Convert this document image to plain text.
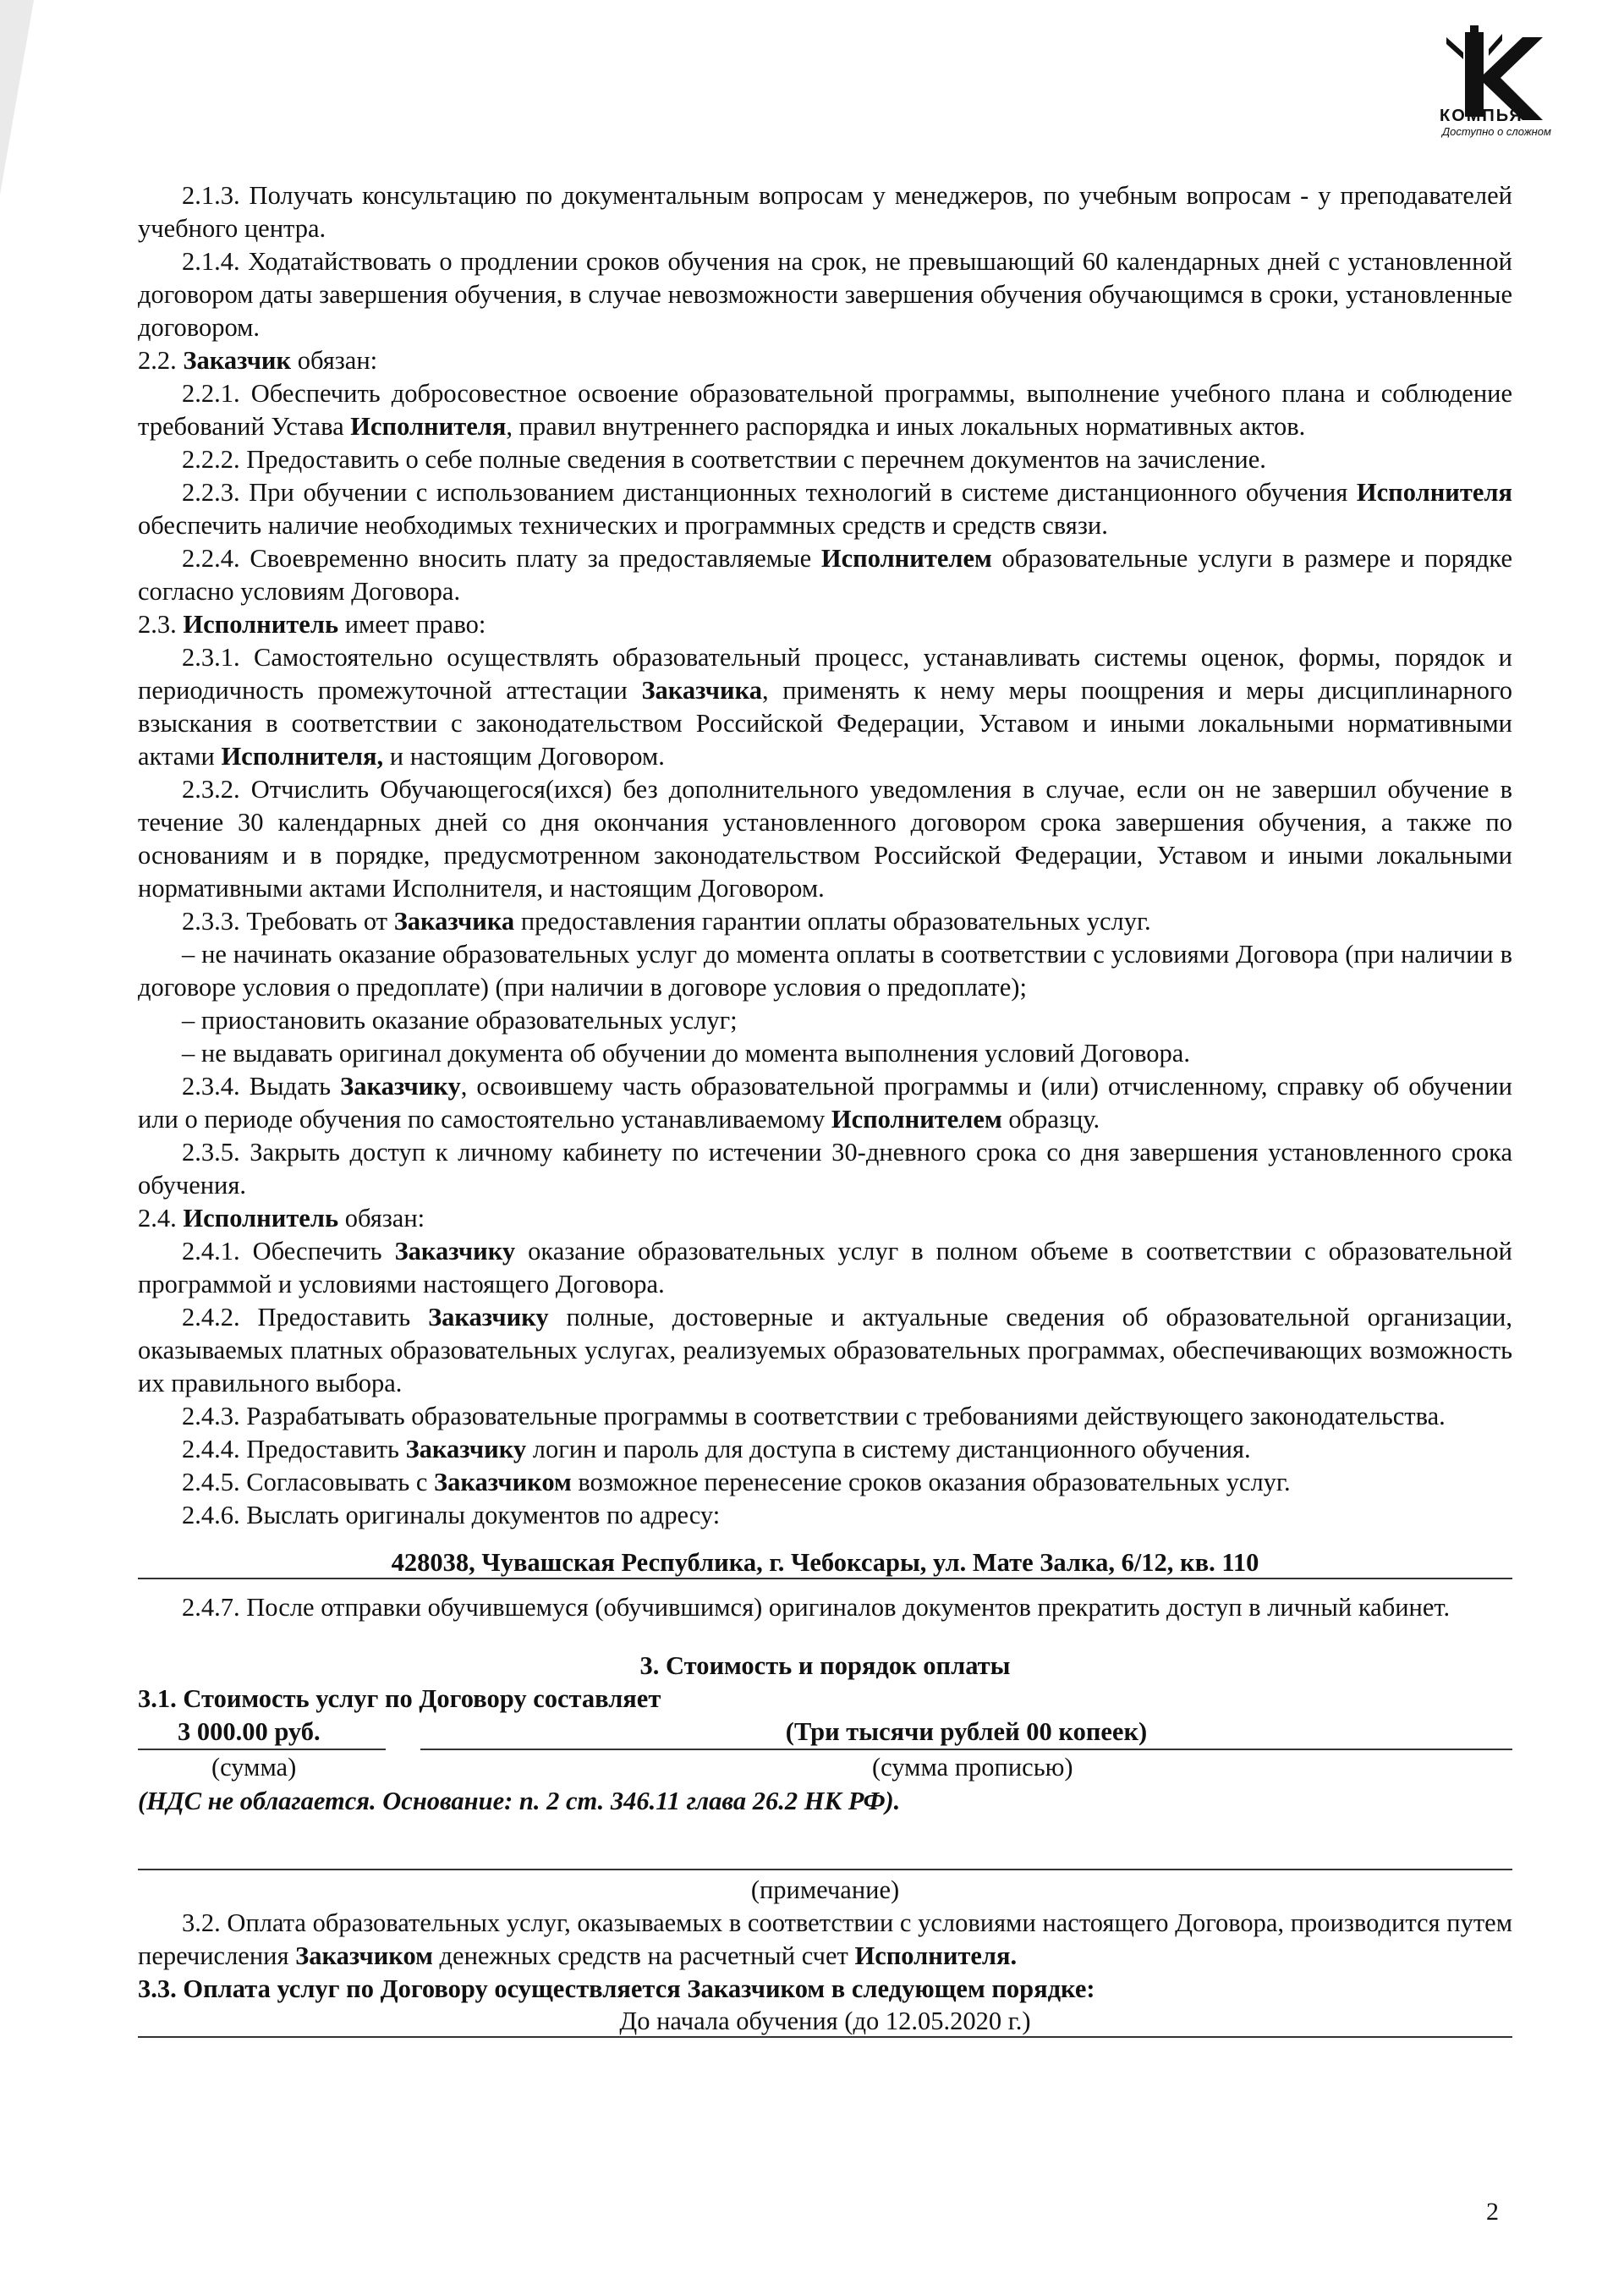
КОМПЬЯ
Доступно о сложном

2.1.3. Получать консультацию по документальным вопросам у менеджеров, по учебным вопросам - у преподавателей учебного центра.

2.1.4. Ходатайствовать о продлении сроков обучения на срок, не превышающий 60 календарных дней с установленной договором даты завершения обучения, в случае невозможности завершения обучения обучающимся в сроки, установленные договором.

2.2. Заказчик обязан:

2.2.1. Обеспечить добросовестное освоение образовательной программы, выполнение учебного плана и соблюдение требований Устава Исполнителя, правил внутреннего распорядка и иных локальных нормативных актов.

2.2.2. Предоставить о себе полные сведения в соответствии с перечнем документов на зачисление.

2.2.3. При обучении с использованием дистанционных технологий в системе дистанционного обучения Исполнителя обеспечить наличие необходимых технических и программных средств и средств связи.

2.2.4. Своевременно вносить плату за предоставляемые Исполнителем образовательные услуги в размере и порядке согласно условиям Договора.

2.3. Исполнитель имеет право:

2.3.1. Самостоятельно осуществлять образовательный процесс, устанавливать системы оценок, формы, порядок и периодичность промежуточной аттестации Заказчика, применять к нему меры поощрения и меры дисциплинарного взыскания в соответствии с законодательством Российской Федерации, Уставом и иными локальными нормативными актами Исполнителя, и настоящим Договором.

2.3.2. Отчислить Обучающегося(ихся) без дополнительного уведомления в случае, если он не завершил обучение в течение 30 календарных дней со дня окончания установленного договором срока завершения обучения, а также по основаниям и в порядке, предусмотренном законодательством Российской Федерации, Уставом и иными локальными нормативными актами Исполнителя, и настоящим Договором.

2.3.3. Требовать от Заказчика предоставления гарантии оплаты образовательных услуг.

– не начинать оказание образовательных услуг до момента оплаты в соответствии с условиями Договора (при наличии в договоре условия о предоплате) (при наличии в договоре условия о предоплате);

– приостановить оказание образовательных услуг;

– не выдавать оригинал документа об обучении до момента выполнения условий Договора.

2.3.4. Выдать Заказчику, освоившему часть образовательной программы и (или) отчисленному, справку об обучении или о периоде обучения по самостоятельно устанавливаемому Исполнителем образцу.

2.3.5. Закрыть доступ к личному кабинету по истечении 30-дневного срока со дня завершения установленного срока обучения.

2.4. Исполнитель обязан:

2.4.1. Обеспечить Заказчику оказание образовательных услуг в полном объеме в соответствии с образовательной программой и условиями настоящего Договора.

2.4.2. Предоставить Заказчику полные, достоверные и актуальные сведения об образовательной организации, оказываемых платных образовательных услугах, реализуемых образовательных программах, обеспечивающих возможность их правильного выбора.

2.4.3. Разрабатывать образовательные программы в соответствии с требованиями действующего законодательства.

2.4.4. Предоставить Заказчику логин и пароль для доступа в систему дистанционного обучения.

2.4.5. Согласовывать с Заказчиком возможное перенесение сроков оказания образовательных услуг.

2.4.6. Выслать оригиналы документов по адресу:

428038, Чувашская Республика, г. Чебоксары, ул. Мате Залка, 6/12, кв. 110

2.4.7. После отправки обучившемуся (обучившимся) оригиналов документов прекратить доступ в личный кабинет.

3. Стоимость и порядок оплаты

3.1. Стоимость услуг по Договору составляет

3 000.00 руб.	(Три тысячи рублей 00 копеек)
(сумма)	(сумма прописью)

(НДС не облагается. Основание: п. 2 ст. 346.11 глава 26.2 НК РФ).

(примечание)

3.2. Оплата образовательных услуг, оказываемых в соответствии с условиями настоящего Договора, производится путем перечисления Заказчиком денежных средств на расчетный счет Исполнителя.

3.3. Оплата услуг по Договору осуществляется Заказчиком в следующем порядке:

До начала обучения (до 12.05.2020 г.)
2
